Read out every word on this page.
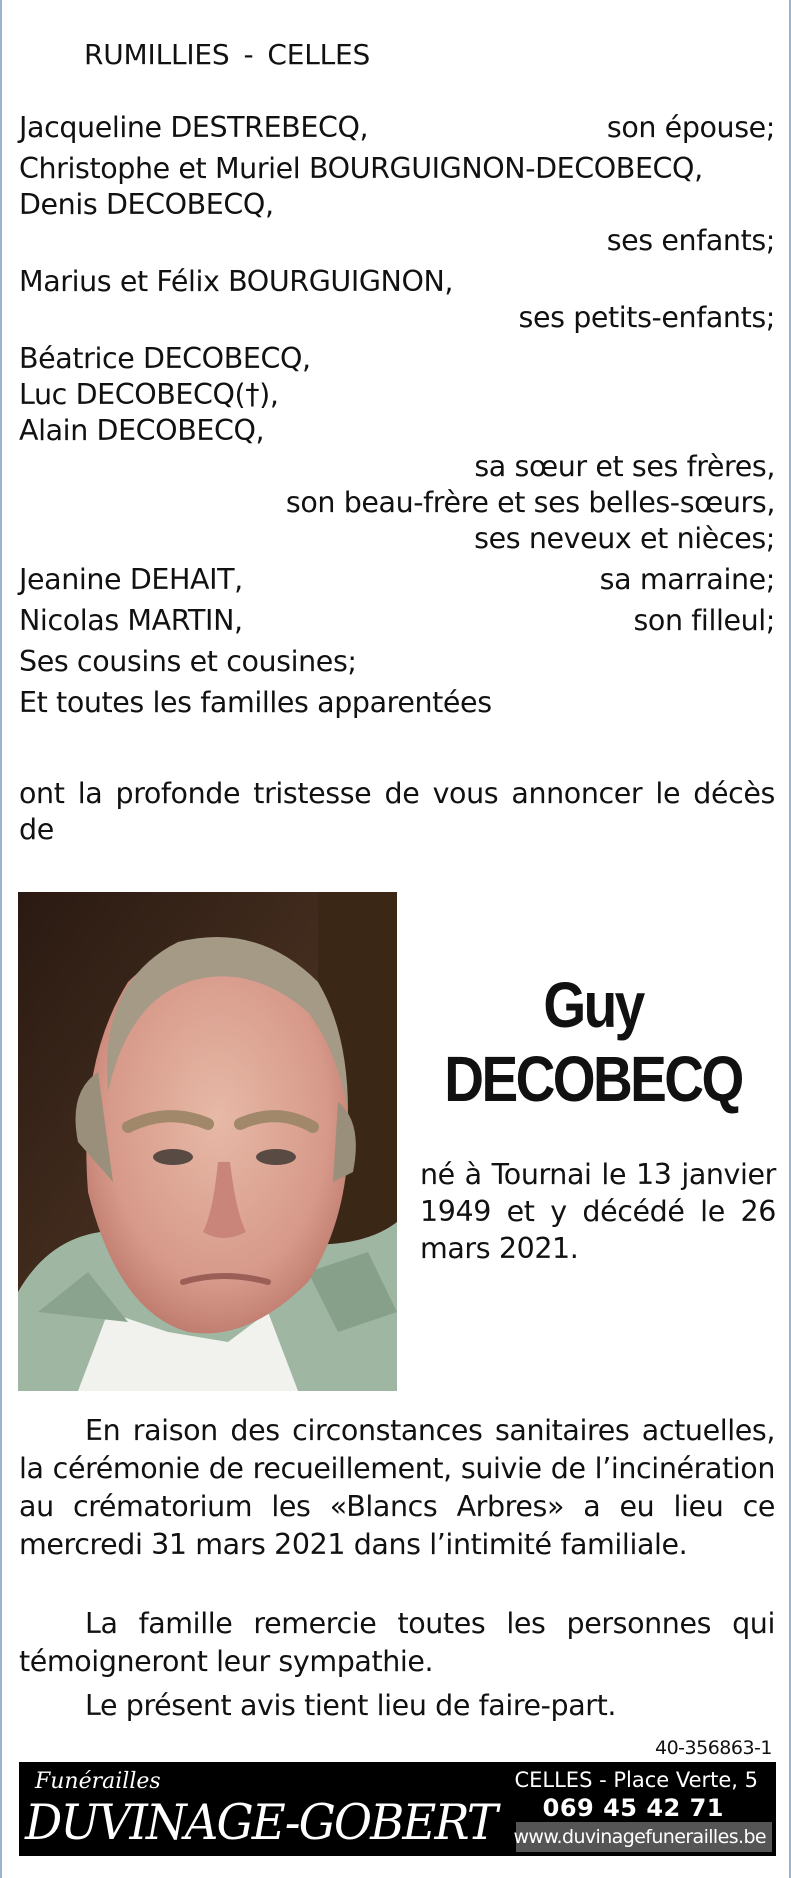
RUMILLIES - CELLES
Jacqueline DESTREBECQ,	son épouse;
Christophe et Muriel BOURGUIGNON-DECOBECQ,
Denis DECOBECQ,
ses enfants;
Marius et Félix BOURGUIGNON,
ses petits-enfants;
Béatrice DECOBECQ,
Luc DECOBECQ(†),
Alain DECOBECQ,
sa sœur et ses frères,
son beau-frère et ses belles-sœurs,
ses neveux et nièces;
Jeanine DEHAIT,	sa marraine;
Nicolas MARTIN,	son filleul;
Ses cousins et cousines;
Et toutes les familles apparentées
ont la profonde tristesse de vous annoncer le décès de
Guy
DECOBECQ
né à Tournai le 13 janvier 1949 et y décédé le 26 mars 2021.
En raison des circonstances sanitaires actuelles, la cérémonie de recueillement, suivie de l’incinération au crématorium les «Blancs Arbres» a eu lieu ce mercredi 31 mars 2021 dans l’intimité familiale.
La famille remercie toutes les personnes qui témoigneront leur sympathie.
Le présent avis tient lieu de faire-part.
40-356863-1
Funérailles
DUVINAGE-GOBERT
CELLES - Place Verte, 5
069 45 42 71
www.duvinagefunerailles.be
